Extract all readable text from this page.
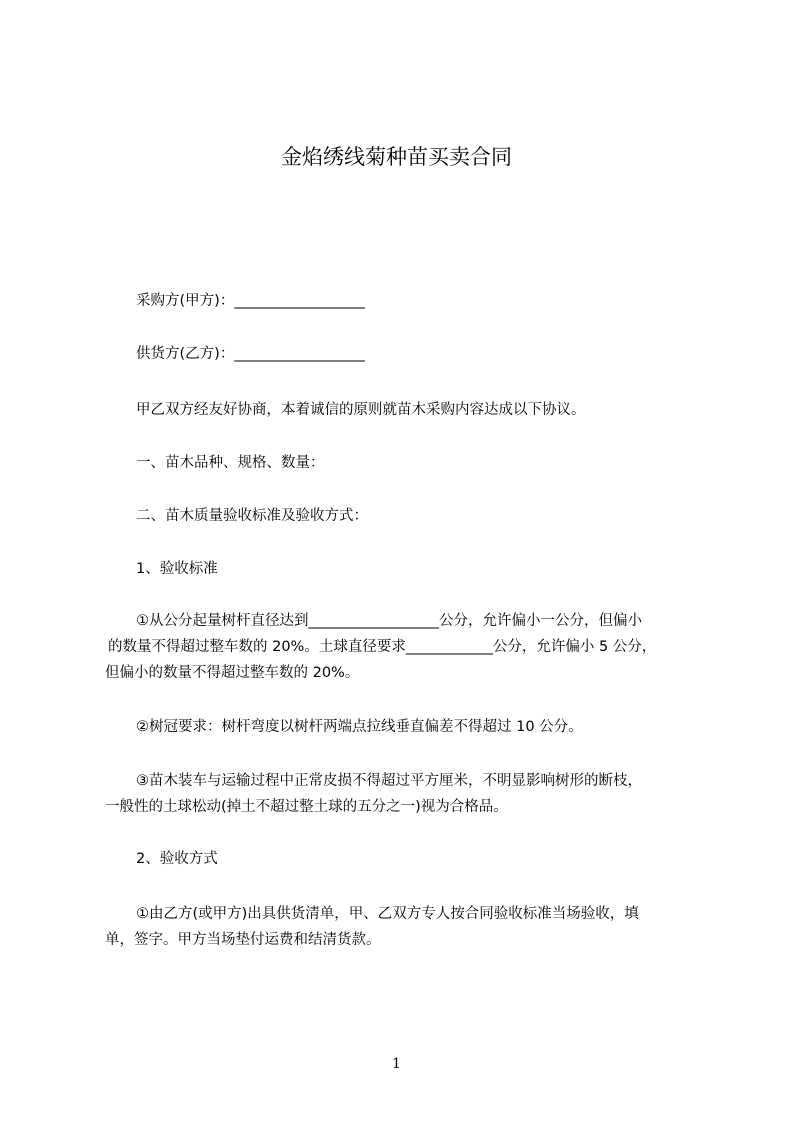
金焰绣线菊种苗买卖合同

采购方(甲方)：__________________

供货方(乙方)：__________________

甲乙双方经友好协商，本着诚信的原则就苗木采购内容达成以下协议。

一、苗木品种、规格、数量：

二、苗木质量验收标准及验收方式：

1、验收标准

①从公分起量树杆直径达到__________________公分，允许偏小一公分，但偏小
的数量不得超过整车数的 20%。土球直径要求____________公分，允许偏小 5 公分，
但偏小的数量不得超过整车数的 20%。

②树冠要求：树杆弯度以树杆两端点拉线垂直偏差不得超过 10 公分。

③苗木装车与运输过程中正常皮损不得超过平方厘米，不明显影响树形的断枝，
一般性的土球松动(掉土不超过整土球的五分之一)视为合格品。

2、验收方式

①由乙方(或甲方)出具供货清单，甲、乙双方专人按合同验收标准当场验收，填
单，签字。甲方当场垫付运费和结清货款。
1
